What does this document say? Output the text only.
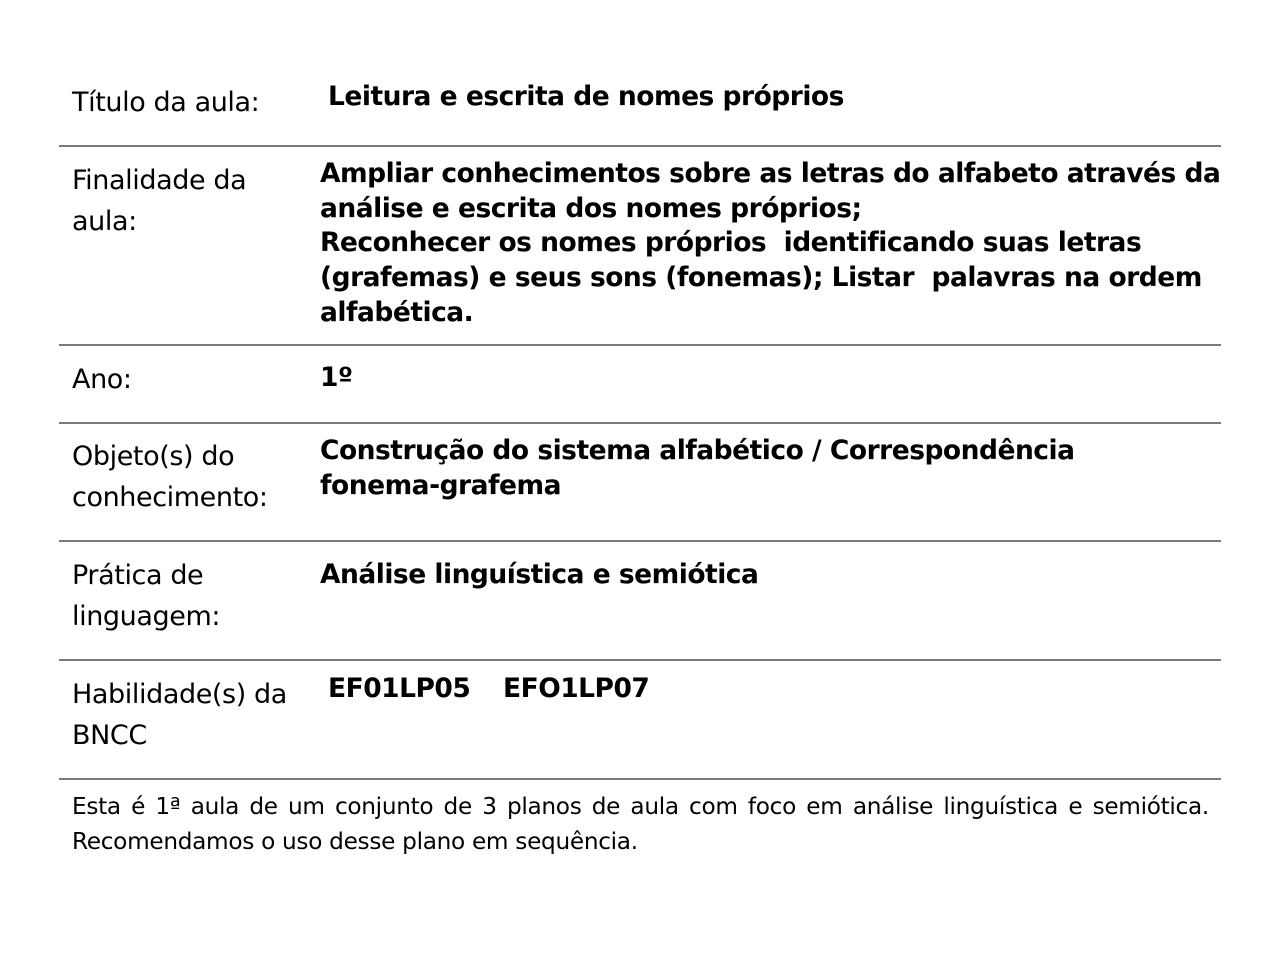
Título da aula:	Leitura e escrita de nomes próprios
Finalidade da
aula:
Ampliar conhecimentos sobre as letras do alfabeto através da
análise e escrita dos nomes próprios;
Reconhecer os nomes próprios  identificando suas letras
(grafemas) e seus sons (fonemas); Listar  palavras na ordem
alfabética.
Ano:	1º
Objeto(s) do
conhecimento:
Construção do sistema alfabético / Correspondência
fonema-grafema
Prática de
linguagem:
Análise linguística e semiótica
Habilidade(s) da
BNCC
EF01LP05 EFO1LP07
Esta é 1ª aula de um conjunto de 3 planos de aula com foco em análise linguística e semiótica.
Recomendamos o uso desse plano em sequência.
